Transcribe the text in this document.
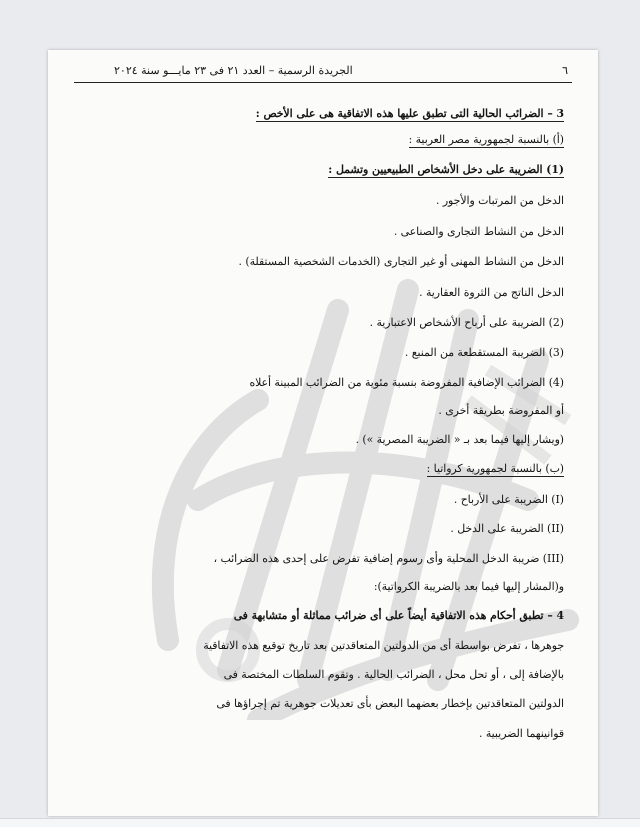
٦
الجريدة الرسمية – العدد ٢١ فى ٢٣ مايـــو سنة ٢٠٢٤
3 – الضرائب الحالية التى تطبق عليها هذه الاتفاقية هى على الأخص :
(أ) بالنسبة لجمهورية مصر العربية :
(1) الضريبة على دخل الأشخاص الطبيعيين وتشمل :
الدخل من المرتبات والأجور .
الدخل من النشاط التجارى والصناعى .
الدخل من النشاط المهنى أو غير التجارى (الخدمات الشخصية المستقلة) .
الدخل الناتج من الثروة العقارية .
(2) الضريبة على أرباح الأشخاص الاعتبارية .
(3) الضريبة المستقطعة من المنبع .
(4) الضرائب الإضافية المفروضة بنسبة مئوية من الضرائب المبينة أعلاه
أو المفروضة بطريقة أخرى .
(ويشار إليها فيما بعد بـ « الضريبة المصرية ») .
(ب) بالنسبة لجمهورية كرواتيا :
(I) الضريبة على الأرباح .
(II) الضريبة على الدخل .
(III) ضريبة الدخل المحلية وأى رسوم إضافية تفرض على إحدى هذه الضرائب ،
و(المشار إليها فيما بعد بالضريبة الكرواتية):
4 – تطبق أحكام هذه الاتفاقية أيضاً على أى ضرائب مماثلة أو متشابهة فى
جوهرها ، تفرض بواسطة أى من الدولتين المتعاقدتين بعد تاريخ توقيع هذه الاتفاقية
بالإضافة إلى ، أو تحل محل ، الضرائب الحالية . وتقوم السلطات المختصة فى
الدولتين المتعاقدتين بإخطار بعضهما البعض بأى تعديلات جوهرية تم إجراؤها فى
قوانينهما الضريبية .
